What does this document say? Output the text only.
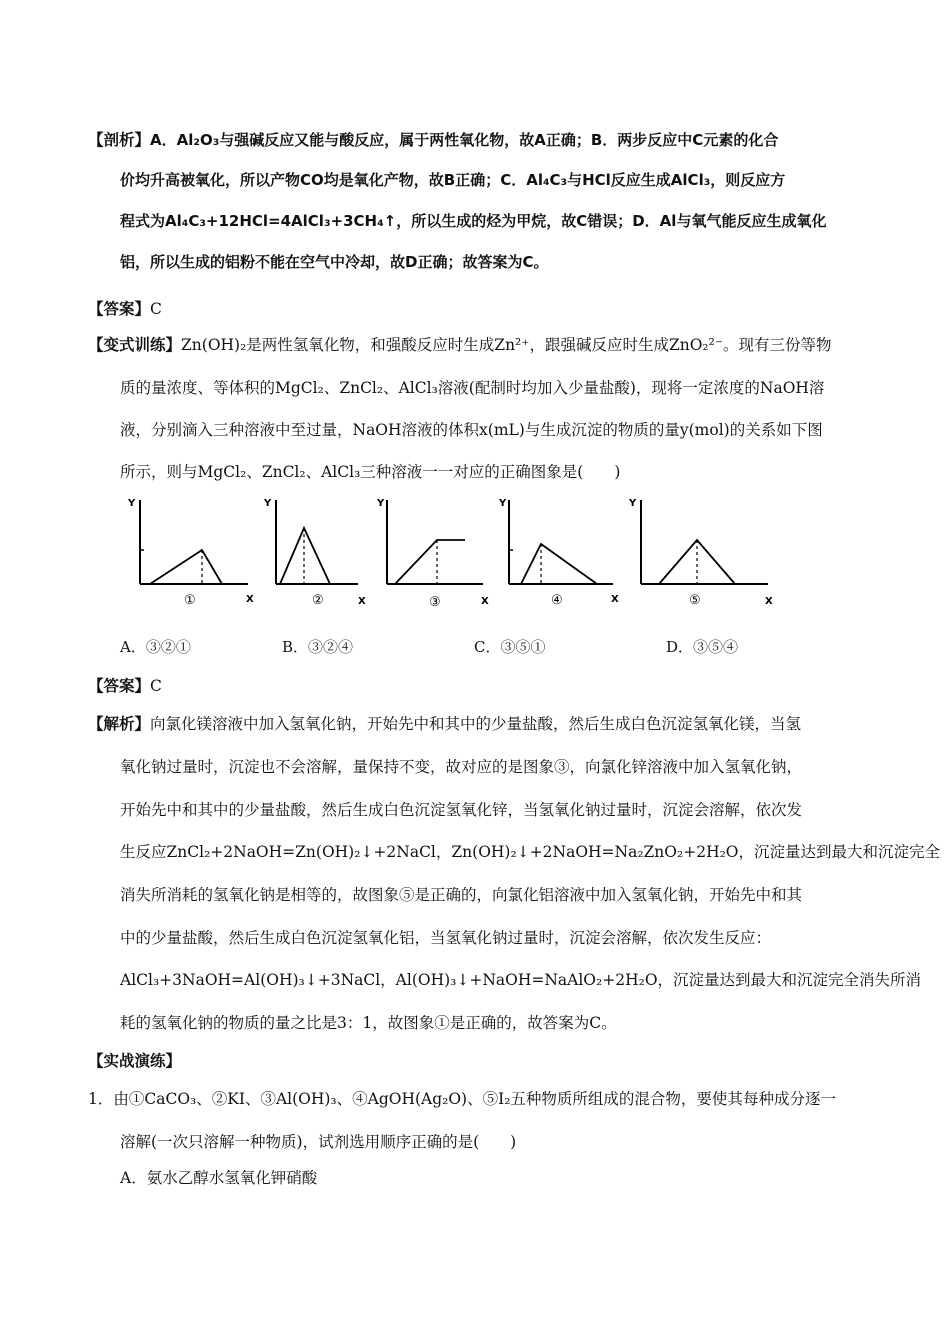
【剖析】A．Al₂O₃与强碱反应又能与酸反应，属于两性氧化物，故A正确；B．两步反应中C元素的化合
价均升高被氧化，所以产物CO均是氧化产物，故B正确；C．Al₄C₃与HCl反应生成AlCl₃，则反应方
程式为Al₄C₃+12HCl=4AlCl₃+3CH₄↑，所以生成的烃为甲烷，故C错误；D．Al与氧气能反应生成氧化
铝，所以生成的铝粉不能在空气中冷却，故D正确；故答案为C。
【答案】C
【变式训练】Zn(OH)₂是两性氢氧化物，和强酸反应时生成Zn²⁺，跟强碱反应时生成ZnO₂²⁻。现有三份等物
质的量浓度、等体积的MgCl₂、ZnCl₂、AlCl₃溶液(配制时均加入少量盐酸)，现将一定浓度的NaOH溶
液，分别滴入三种溶液中至过量，NaOH溶液的体积x(mL)与生成沉淀的物质的量y(mol)的关系如下图
所示，则与MgCl₂、ZnCl₂、AlCl₃三种溶液一一对应的正确图象是(　　)
Y
X
①
Y
X
②
Y
X
③
Y
X
④
Y
X
⑤
A．③②①	B．③②④	C．③⑤①	D．③⑤④
【答案】C
【解析】向氯化镁溶液中加入氢氧化钠，开始先中和其中的少量盐酸，然后生成白色沉淀氢氧化镁，当氢
氧化钠过量时，沉淀也不会溶解，量保持不变，故对应的是图象③，向氯化锌溶液中加入氢氧化钠，
开始先中和其中的少量盐酸，然后生成白色沉淀氢氧化锌，当氢氧化钠过量时，沉淀会溶解，依次发
生反应ZnCl₂+2NaOH=Zn(OH)₂↓+2NaCl，Zn(OH)₂↓+2NaOH=Na₂ZnO₂+2H₂O，沉淀量达到最大和沉淀完全
消失所消耗的氢氧化钠是相等的，故图象⑤是正确的，向氯化铝溶液中加入氢氧化钠，开始先中和其
中的少量盐酸，然后生成白色沉淀氢氧化铝，当氢氧化钠过量时，沉淀会溶解，依次发生反应：
AlCl₃+3NaOH=Al(OH)₃↓+3NaCl，Al(OH)₃↓+NaOH=NaAlO₂+2H₂O，沉淀量达到最大和沉淀完全消失所消
耗的氢氧化钠的物质的量之比是3：1，故图象①是正确的，故答案为C。
【实战演练】
1．由①CaCO₃、②KI、③Al(OH)₃、④AgOH(Ag₂O)、⑤I₂五种物质所组成的混合物，要使其每种成分逐一
溶解(一次只溶解一种物质)，试剂选用顺序正确的是(　　)
A．氨水乙醇水氢氧化钾硝酸
